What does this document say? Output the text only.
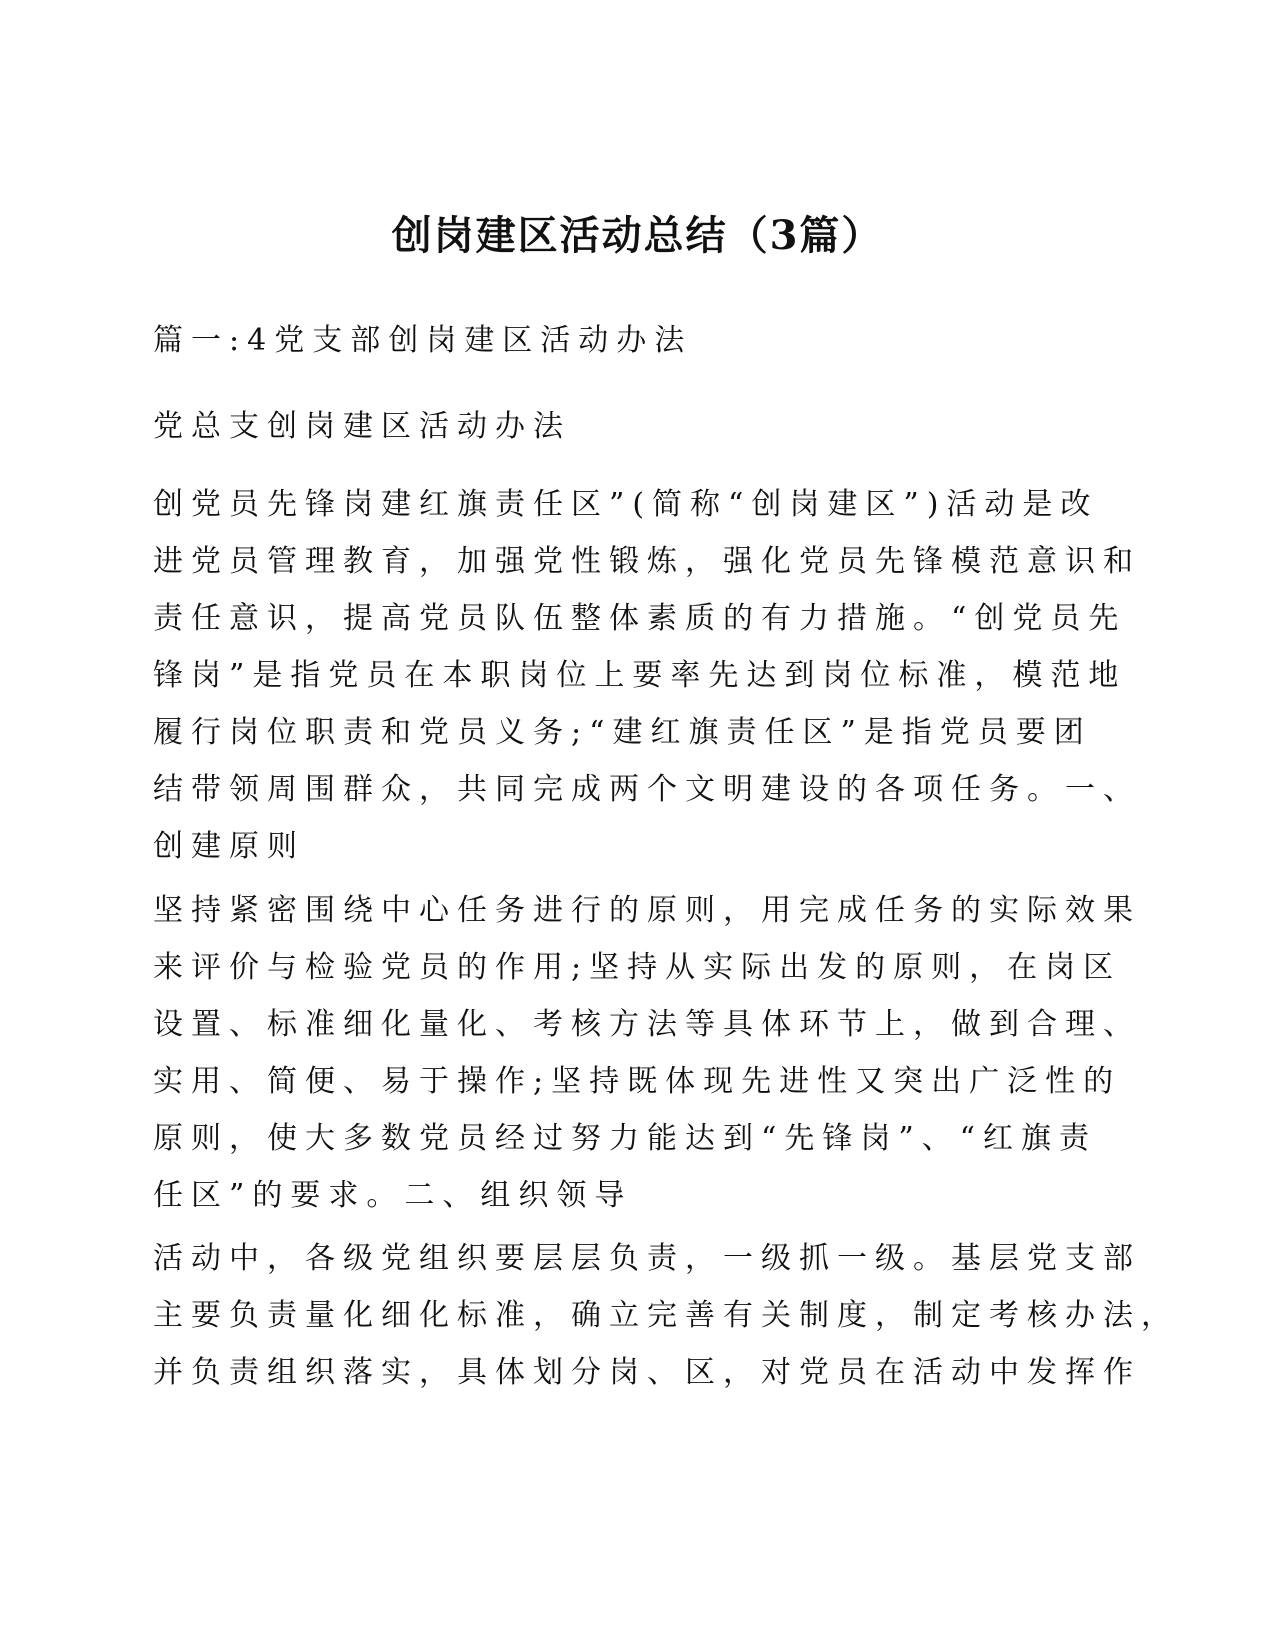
创岗建区活动总结（3篇）
篇一:4党支部创岗建区活动办法
党总支创岗建区活动办法
创党员先锋岗建红旗责任区”(简称“创岗建区”)活动是改
进党员管理教育，加强党性锻炼，强化党员先锋模范意识和
责任意识，提高党员队伍整体素质的有力措施。“创党员先
锋岗”是指党员在本职岗位上要率先达到岗位标准，模范地
履行岗位职责和党员义务;“建红旗责任区”是指党员要团
结带领周围群众，共同完成两个文明建设的各项任务。一、
创建原则
坚持紧密围绕中心任务进行的原则，用完成任务的实际效果
来评价与检验党员的作用;坚持从实际出发的原则，在岗区
设置、标准细化量化、考核方法等具体环节上，做到合理、
实用、简便、易于操作;坚持既体现先进性又突出广泛性的
原则，使大多数党员经过努力能达到“先锋岗”、“红旗责
任区”的要求。二、组织领导
活动中，各级党组织要层层负责，一级抓一级。基层党支部
主要负责量化细化标准，确立完善有关制度，制定考核办法，
并负责组织落实，具体划分岗、区，对党员在活动中发挥作
